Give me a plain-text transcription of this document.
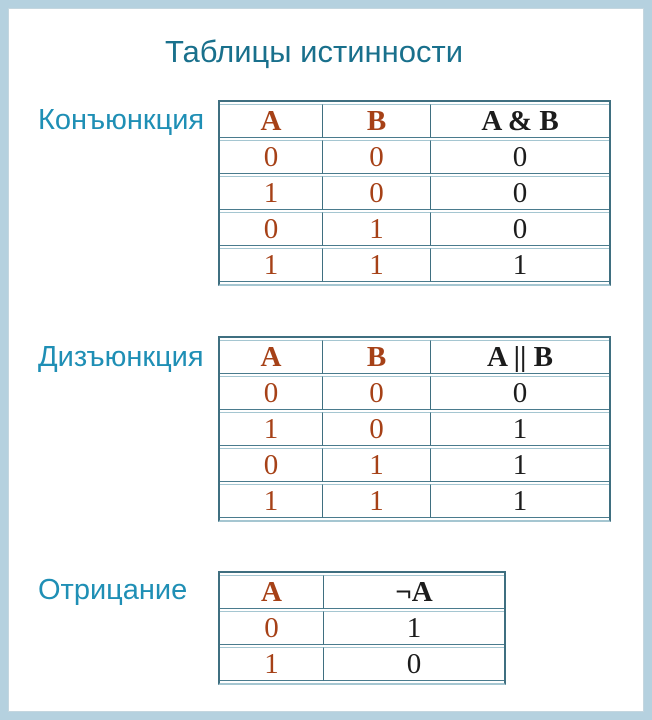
Таблицы истинности
Конъюнкция A	B	A & B
0	0	0
1	0	0
0	1	0
1	1	1
Дизъюнкция A	B	A || B
0	0	0
1	0	1
0	1	1
1	1	1
Отрицание	A	¬A
0	1
1	0
